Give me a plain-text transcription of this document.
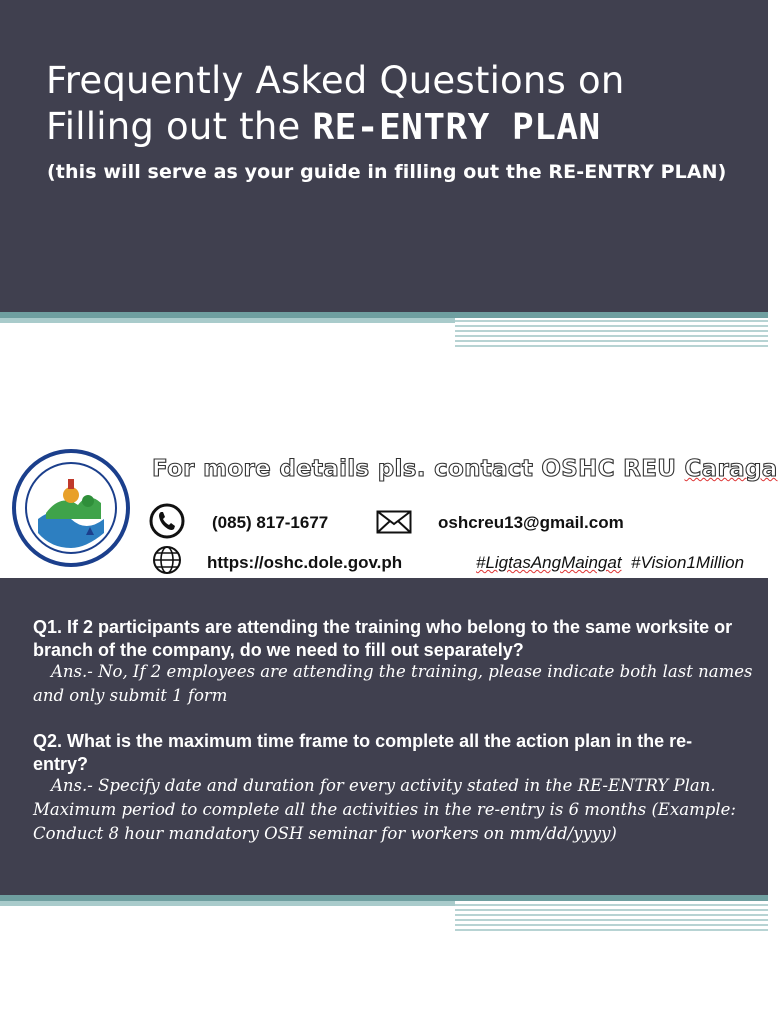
Frequently Asked Questions on
Filling out the RE-ENTRY PLAN
(this will serve as your guide in filling out the RE-ENTRY PLAN)
For more details pls. contact OSHC REU Caraga
(085) 817-1677	oshcreu13@gmail.com
https://oshc.dole.gov.ph	#LigtasAngMaingat #Vision1Million
Q1. If 2 participants are attending the training who belong to the same worksite or branch of the company, do we need to fill out separately?
Ans.- No, If 2 employees are attending the training, please indicate both last names and only submit 1 form
Q2. What is the maximum time frame to complete all the action plan in the re-entry?
Ans.- Specify date and duration for every activity stated in the RE-ENTRY Plan. Maximum period to complete all the activities in the re-entry is 6 months (Example: Conduct 8 hour mandatory OSH seminar for workers on mm/dd/yyyy)
